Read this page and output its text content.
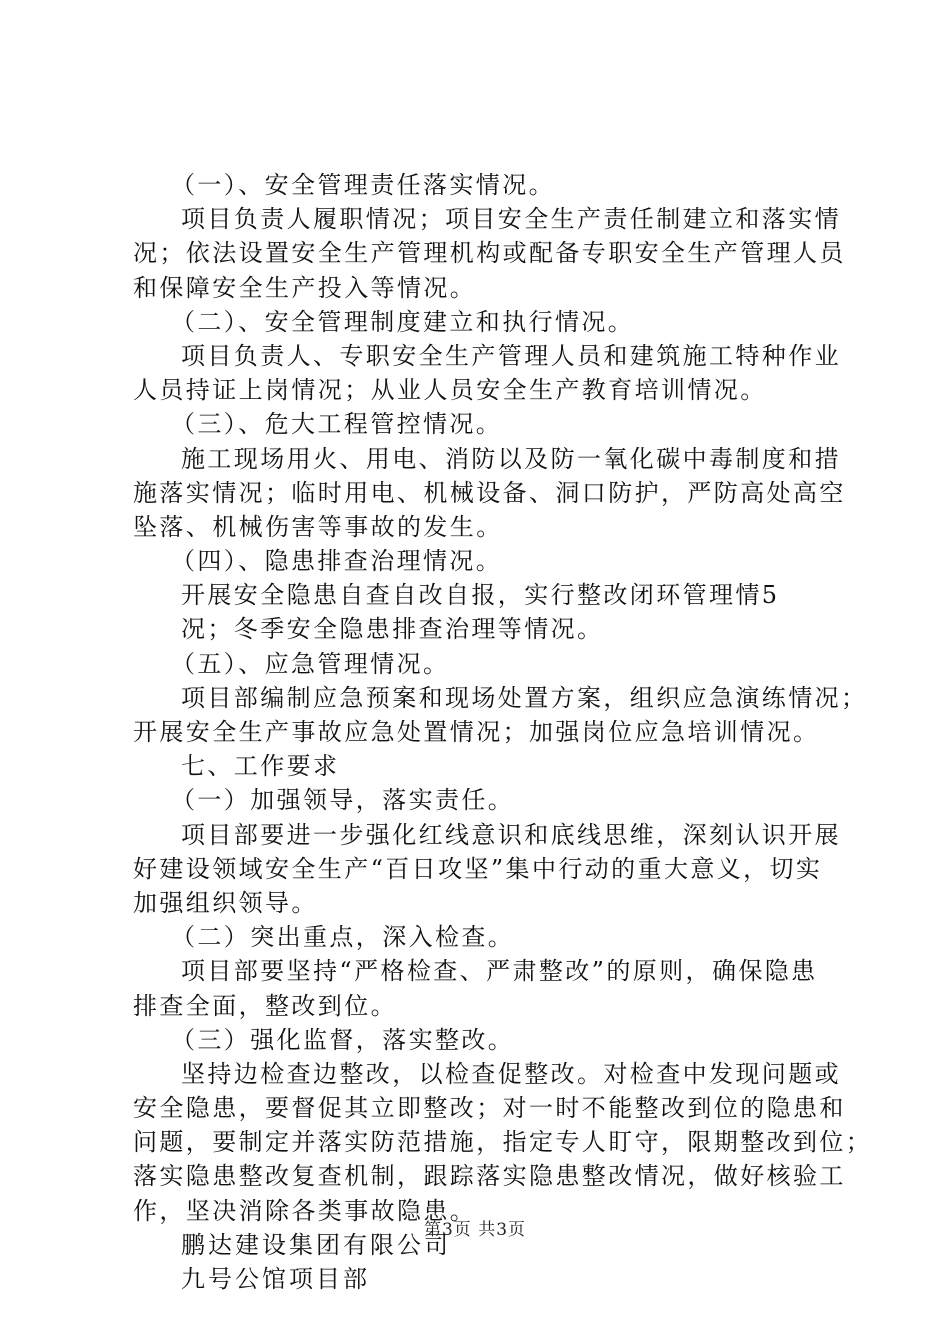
（一）、安全管理责任落实情况。
项目负责人履职情况；项目安全生产责任制建立和落实情
况；依法设置安全生产管理机构或配备专职安全生产管理人员
和保障安全生产投入等情况。
（二）、安全管理制度建立和执行情况。
项目负责人、专职安全生产管理人员和建筑施工特种作业
人员持证上岗情况；从业人员安全生产教育培训情况。
（三）、危大工程管控情况。
施工现场用火、用电、消防以及防一氧化碳中毒制度和措
施落实情况；临时用电、机械设备、洞口防护，严防高处高空
坠落、机械伤害等事故的发生。
（四）、隐患排查治理情况。
开展安全隐患自查自改自报，实行整改闭环管理情5
况；冬季安全隐患排查治理等情况。
（五）、应急管理情况。
项目部编制应急预案和现场处置方案，组织应急演练情况；
开展安全生产事故应急处置情况；加强岗位应急培训情况。
七、工作要求
（一）加强领导，落实责任。
项目部要进一步强化红线意识和底线思维，深刻认识开展
好建设领域安全生产“百日攻坚”集中行动的重大意义，切实
加强组织领导。
（二）突出重点，深入检查。
项目部要坚持“严格检查、严肃整改”的原则，确保隐患
排查全面，整改到位。
（三）强化监督，落实整改。
坚持边检查边整改，以检查促整改。对检查中发现问题或
安全隐患，要督促其立即整改；对一时不能整改到位的隐患和
问题，要制定并落实防范措施，指定专人盯守，限期整改到位；
落实隐患整改复查机制，跟踪落实隐患整改情况，做好核验工
作，坚决消除各类事故隐患。
鹏达建设集团有限公司
九号公馆项目部
第3页 共3页
